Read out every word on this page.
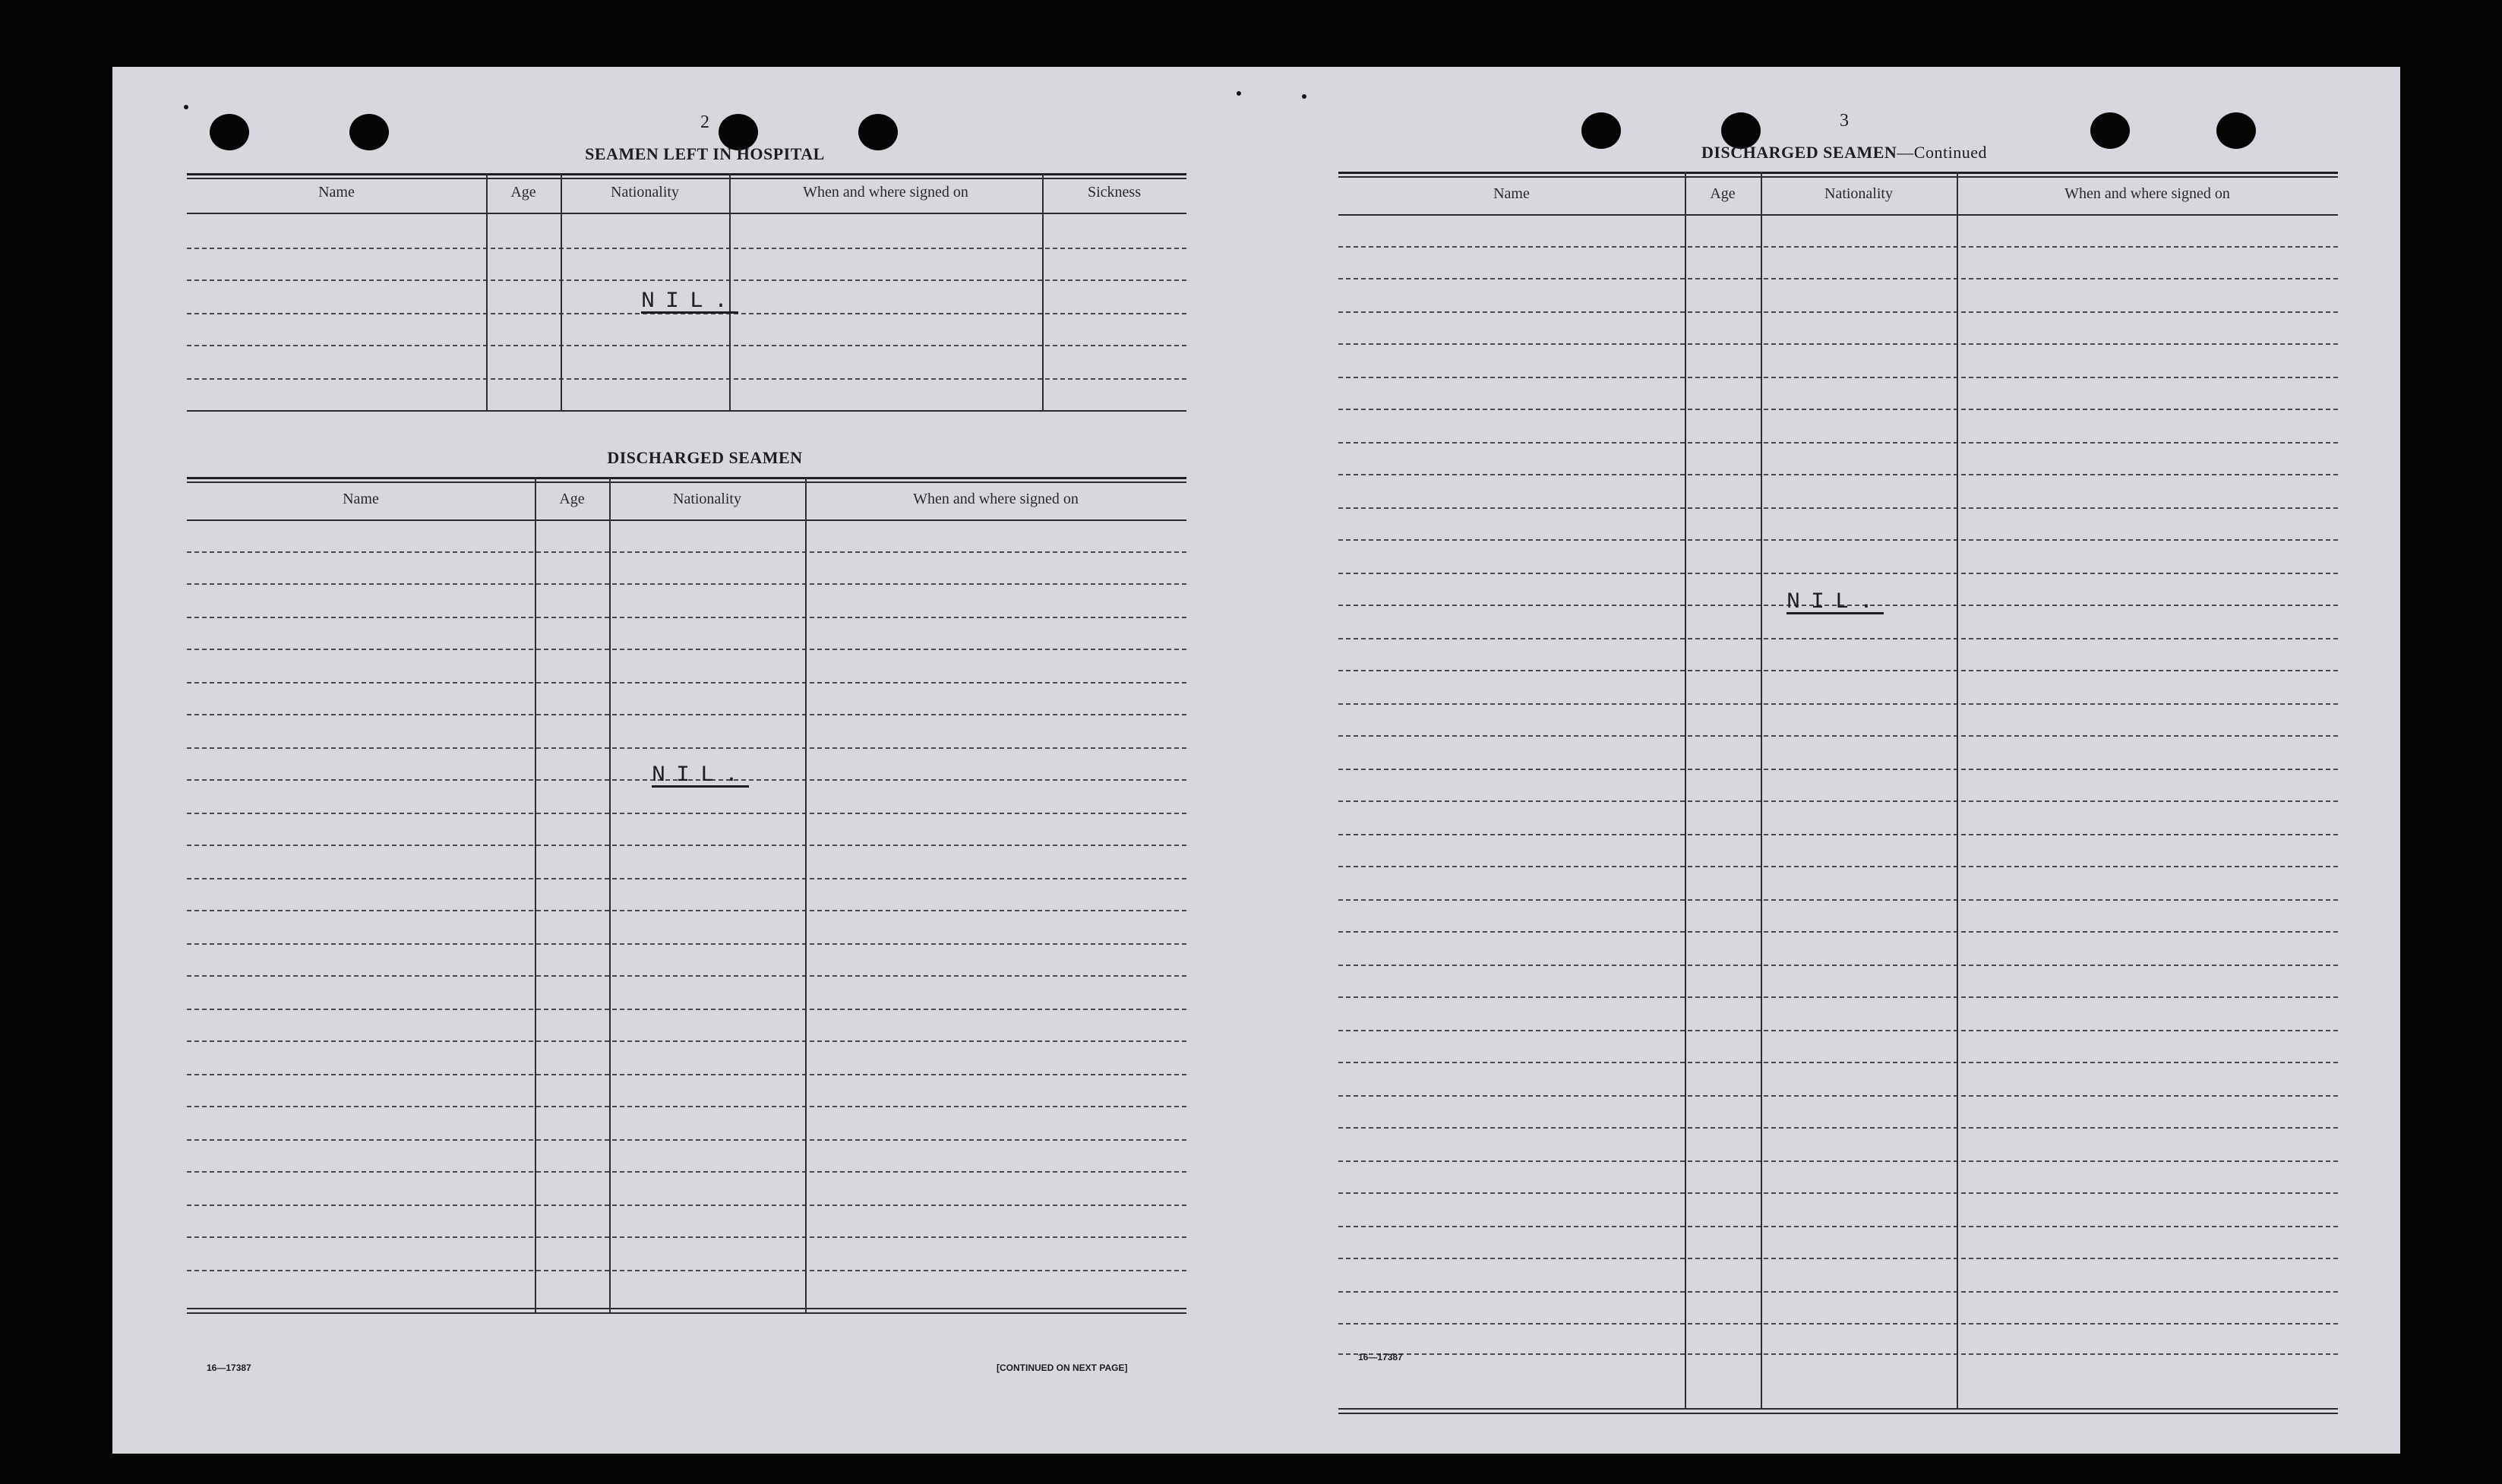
2
SEAMEN LEFT IN HOSPITAL
Name	Age	Nationality	When and where signed on	Sickness
NIL.
DISCHARGED SEAMEN
Name	Age	Nationality	When and where signed on
NIL.
16—17387	[CONTINUED ON NEXT PAGE]
3
DISCHARGED SEAMEN—Continued
Name	Age	Nationality	When and where signed on
NIL.
16—17387
